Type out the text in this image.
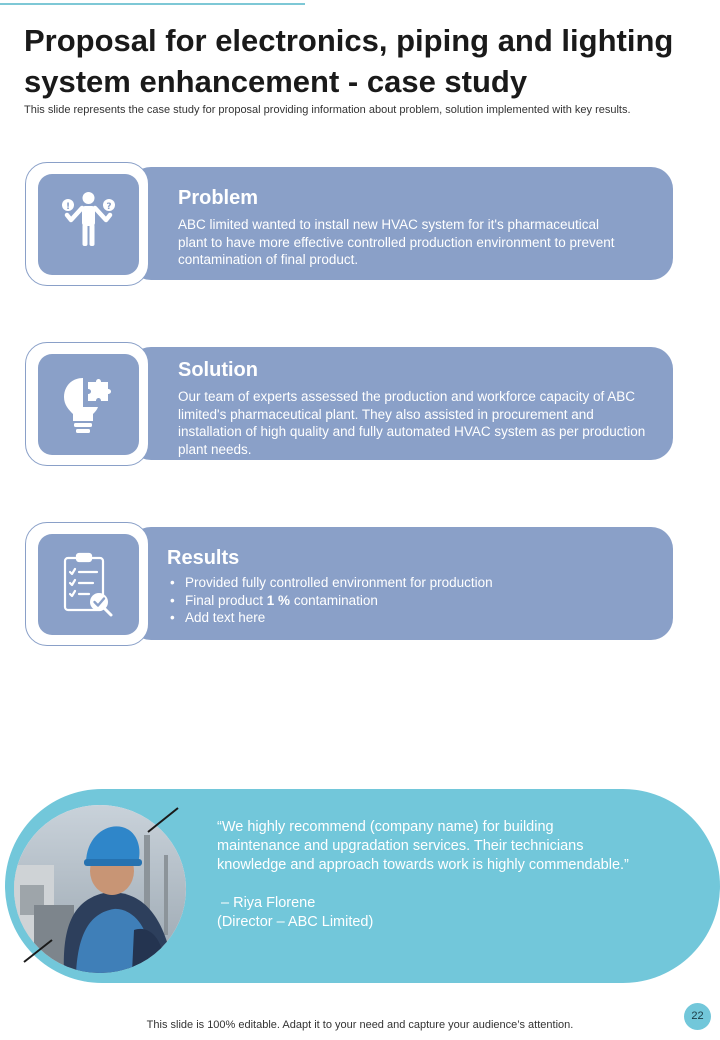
Proposal for electronics, piping and lighting system enhancement - case study
This slide represents the case study for proposal providing information about problem, solution implemented with key results.
!	?	Problem
ABC limited wanted to install new HVAC system for it's pharmaceutical plant to have more effective controlled production environment to prevent contamination of final product.
Solution
Our team of experts assessed the production and workforce capacity of ABC limited's pharmaceutical plant. They also assisted in procurement and installation of high quality and fully automated HVAC system as per production plant needs.
Results
• Provided fully controlled environment for production
• Final product 1 % contamination
• Add text here

“We highly recommend (company name) for building maintenance and upgradation services. Their technicians knowledge and approach towards work is highly commendable.”

– Riya Florene

(Director – ABC Limited)

This slide is 100% editable. Adapt it to your need and capture your audience’s attention.
22
